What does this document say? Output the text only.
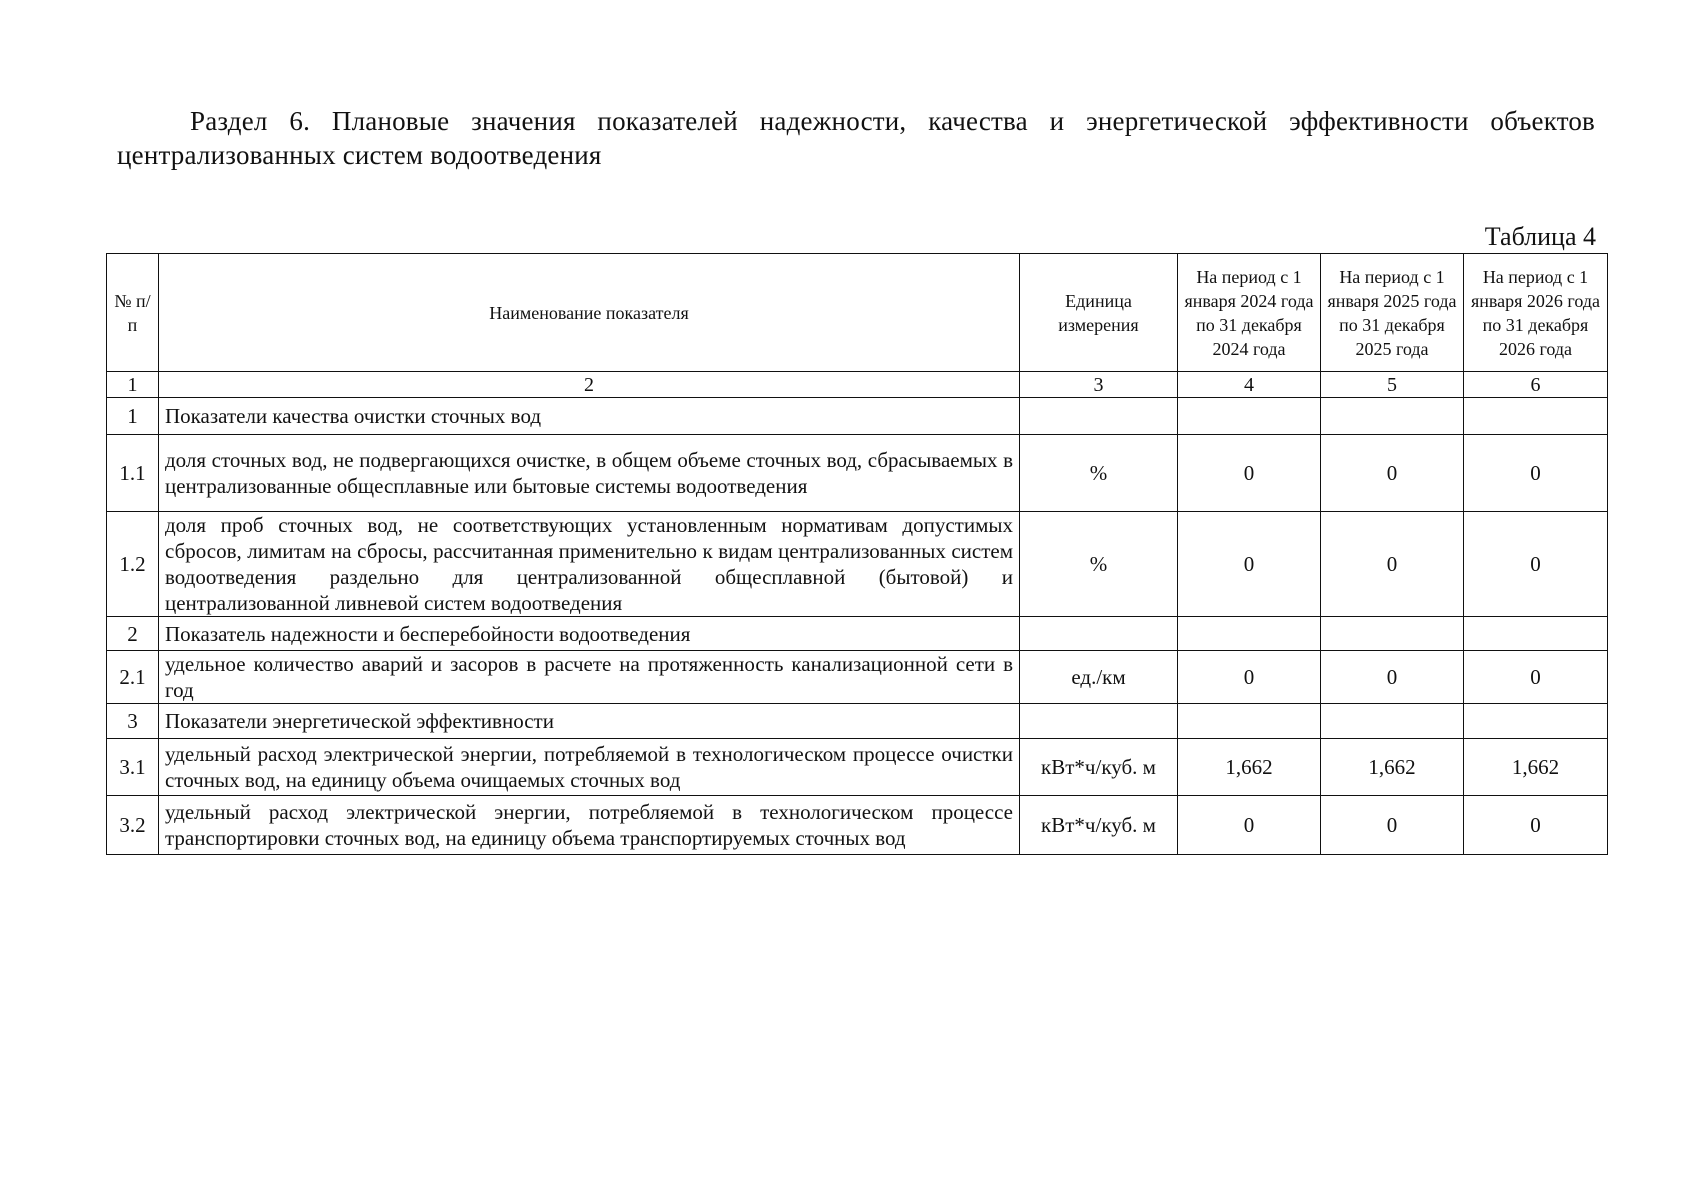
Раздел 6. Плановые значения показателей надежности, качества и энергетической эффективности объектов централизованных систем водоотведения
Таблица 4
№ п/п	Наименование показателя	Единица измерения	На период с 1 января 2024 года по 31 декабря 2024 года	На период с 1 января 2025 года по 31 декабря 2025 года	На период с 1 января 2026 года по 31 декабря 2026 года
1	2	3	4	5	6
1	Показатели качества очистки сточных вод				
1.1	доля сточных вод, не подвергающихся очистке, в общем объеме сточных вод, сбрасываемых в централизованные общесплавные или бытовые системы водоотведения	%	0	0	0
1.2	доля проб сточных вод, не соответствующих установленным нормативам допустимых сбросов, лимитам на сбросы, рассчитанная применительно к видам централизованных систем водоотведения раздельно для централизованной общесплавной (бытовой) и централизованной ливневой систем водоотведения	%	0	0	0
2	Показатель надежности и бесперебойности водоотведения				
2.1	удельное количество аварий и засоров в расчете на протяженность канализационной сети в год	ед./км	0	0	0
3	Показатели энергетической эффективности				
3.1	удельный расход электрической энергии, потребляемой в технологическом процессе очистки сточных вод, на единицу объема очищаемых сточных вод	кВт*ч/куб. м	1,662	1,662	1,662
3.2	удельный расход электрической энергии, потребляемой в технологическом процессе транспортировки сточных вод, на единицу объема транспортируемых сточных вод	кВт*ч/куб. м	0	0	0
